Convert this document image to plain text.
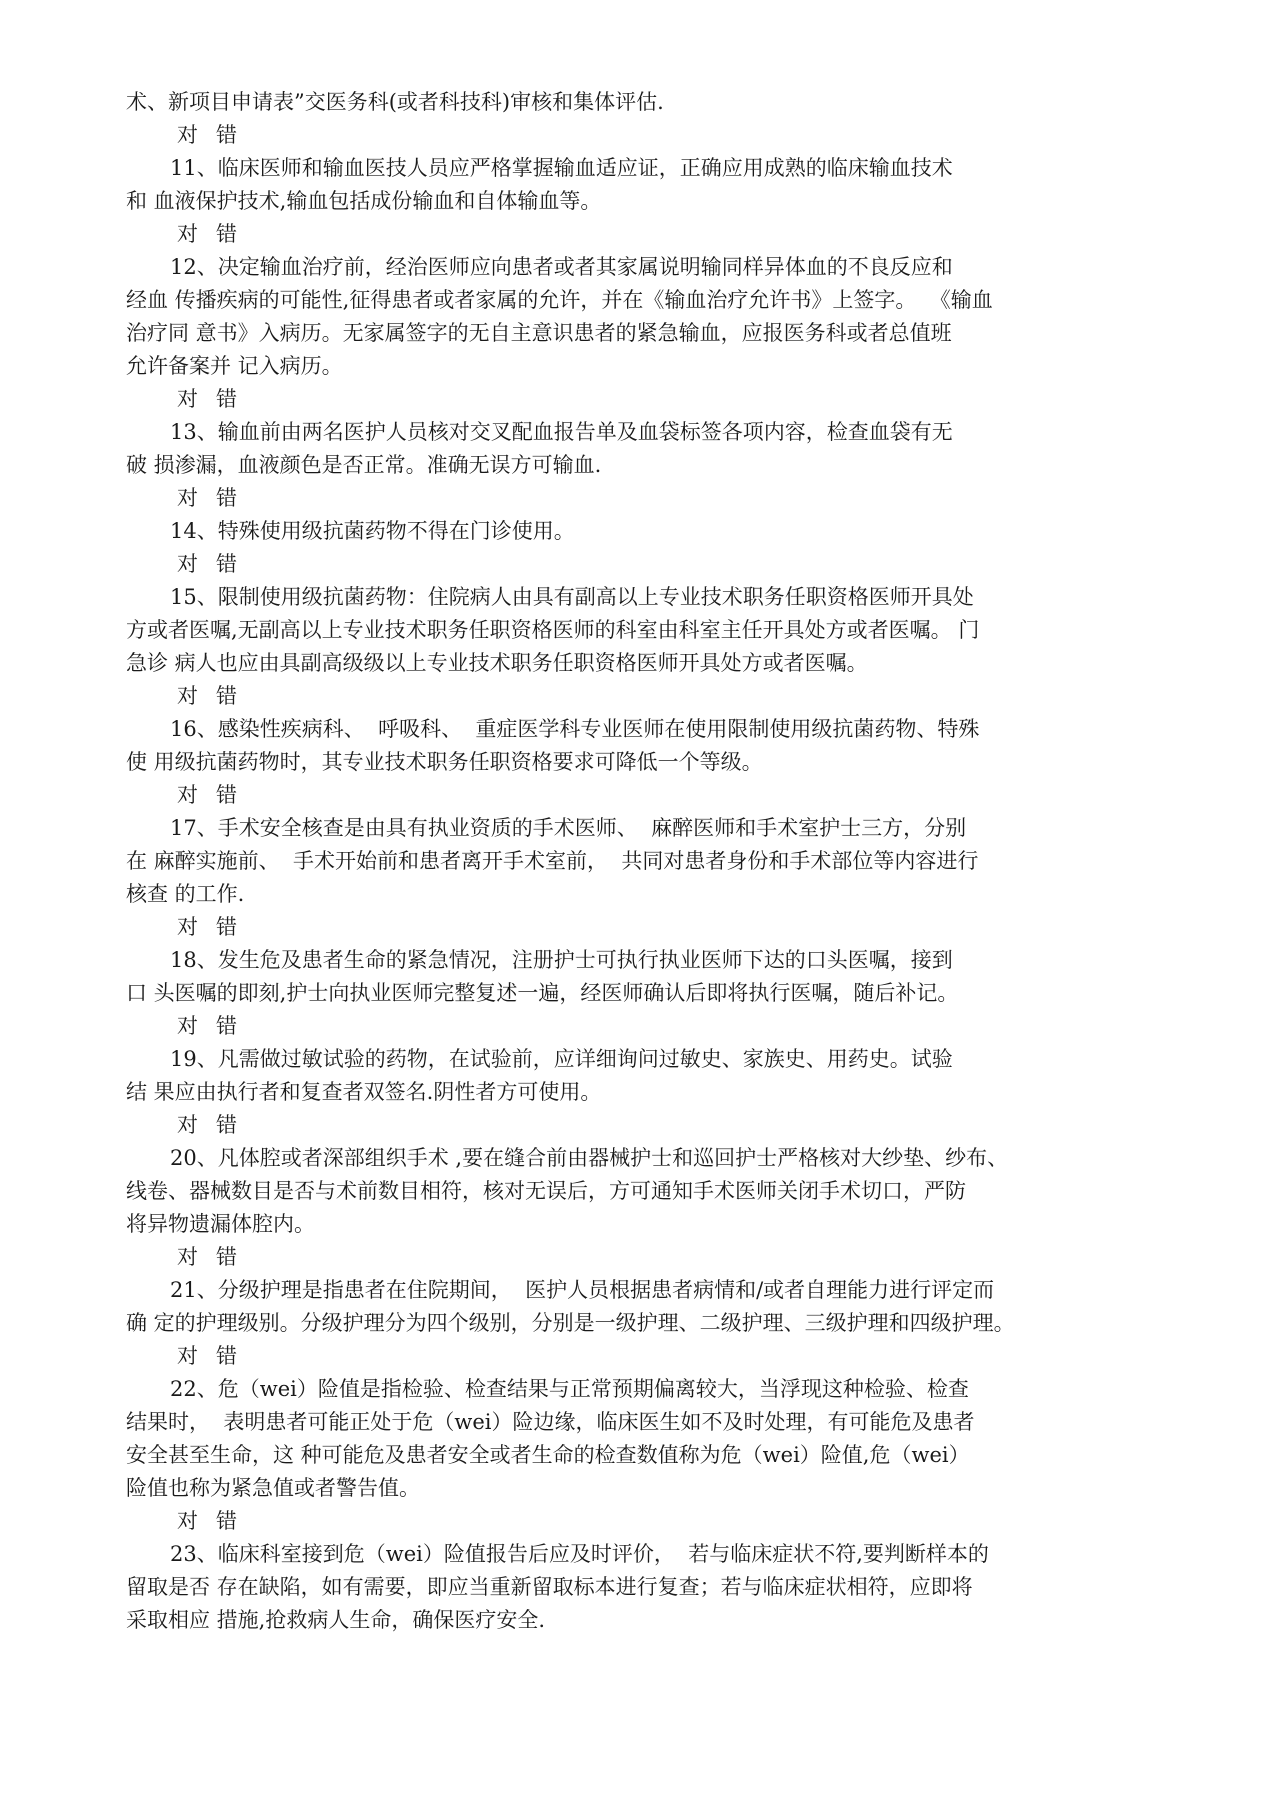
术、新项目申请表”交医务科(或者科技科)审核和集体评估.
对 错
11、临床医师和输血医技人员应严格掌握输血适应证，正确应用成熟的临床输血技术
和 血液保护技术,输血包括成份输血和自体输血等。
对 错
12、决定输血治疗前，经治医师应向患者或者其家属说明输同样异体血的不良反应和
经血 传播疾病的可能性,征得患者或者家属的允许，并在《输血治疗允许书》上签字。  《输血
治疗同 意书》入病历。无家属签字的无自主意识患者的紧急输血，应报医务科或者总值班
允许备案并 记入病历。
对 错
13、输血前由两名医护人员核对交叉配血报告单及血袋标签各项内容，检查血袋有无
破 损渗漏，血液颜色是否正常。准确无误方可输血.
对 错
14、特殊使用级抗菌药物不得在门诊使用。
对 错
15、限制使用级抗菌药物：住院病人由具有副高以上专业技术职务任职资格医师开具处
方或者医嘱,无副高以上专业技术职务任职资格医师的科室由科室主任开具处方或者医嘱。 门
急诊 病人也应由具副高级级以上专业技术职务任职资格医师开具处方或者医嘱。
对 错
16、感染性疾病科、  呼吸科、  重症医学科专业医师在使用限制使用级抗菌药物、特殊
使 用级抗菌药物时，其专业技术职务任职资格要求可降低一个等级。
对 错
17、手术安全核查是由具有执业资质的手术医师、  麻醉医师和手术室护士三方，分别
在 麻醉实施前、  手术开始前和患者离开手术室前，  共同对患者身份和手术部位等内容进行
核查 的工作.
对 错
18、发生危及患者生命的紧急情况，注册护士可执行执业医师下达的口头医嘱，接到
口 头医嘱的即刻,护士向执业医师完整复述一遍，经医师确认后即将执行医嘱，随后补记。
对 错
19、凡需做过敏试验的药物，在试验前，应详细询问过敏史、家族史、用药史。试验
结 果应由执行者和复查者双签名.阴性者方可使用。
对 错
20、凡体腔或者深部组织手术 ,要在缝合前由器械护士和巡回护士严格核对大纱垫、纱布、
线卷、器械数目是否与术前数目相符，核对无误后，方可通知手术医师关闭手术切口，严防
将异物遗漏体腔内。
对 错
21、分级护理是指患者在住院期间，  医护人员根据患者病情和/或者自理能力进行评定而
确 定的护理级别。分级护理分为四个级别，分别是一级护理、二级护理、三级护理和四级护理。
对 错
22、危（wei）险值是指检验、检查结果与正常预期偏离较大，当浮现这种检验、检查
结果时，  表明患者可能正处于危（wei）险边缘，临床医生如不及时处理，有可能危及患者
安全甚至生命，这 种可能危及患者安全或者生命的检查数值称为危（wei）险值,危（wei）
险值也称为紧急值或者警告值。
对 错
23、临床科室接到危（wei）险值报告后应及时评价，  若与临床症状不符,要判断样本的
留取是否 存在缺陷，如有需要，即应当重新留取标本进行复查；若与临床症状相符，应即将
采取相应 措施,抢救病人生命，确保医疗安全.
